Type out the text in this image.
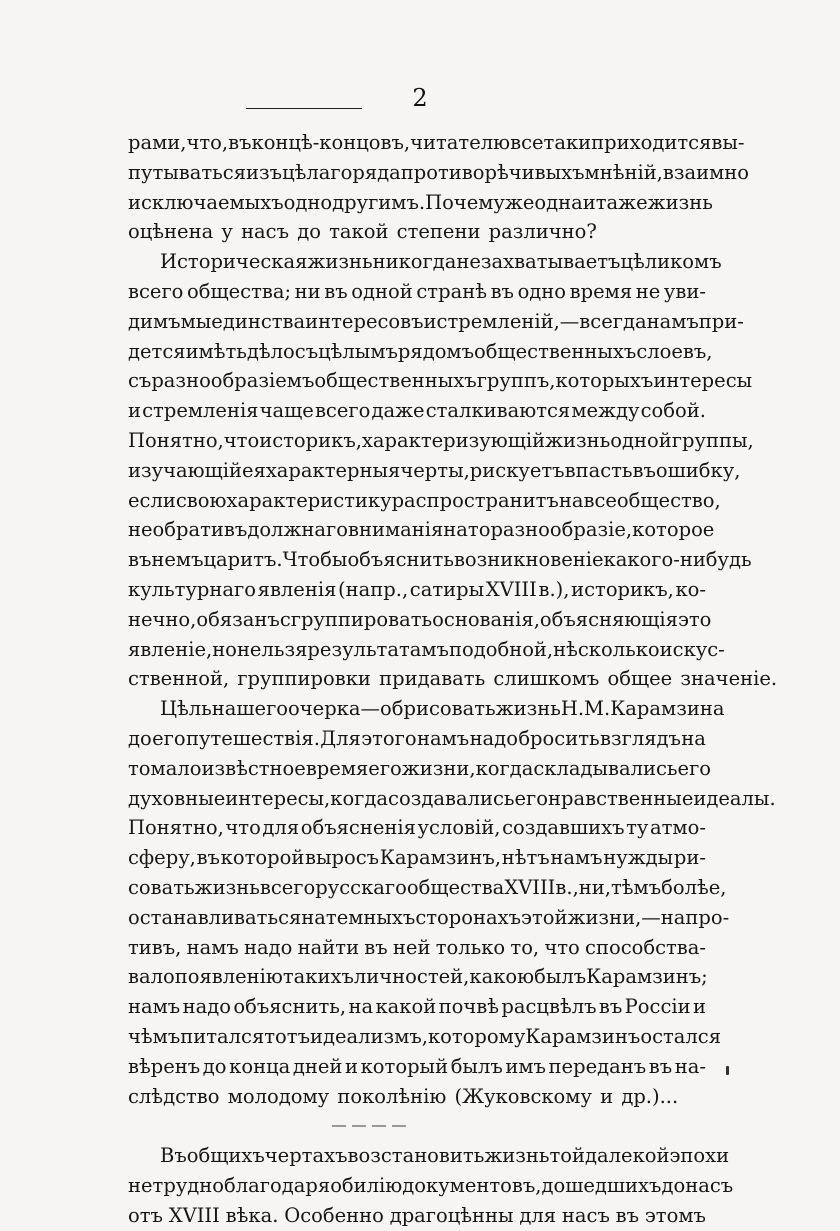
2
рами, что, въ концѣ-концовъ, читателю всетаки приходится вы-
путываться изъ цѣлаго ряда противорѣчивыхъ мнѣній, взаимно
исключаемыхъ одно другимъ. Почему же одна и та же жизнь
оцѣнена у насъ до такой степени различно?
Историческая жизнь никогда не захватываетъ цѣликомъ
всего общества; ни въ одной странѣ въ одно время не уви-
димъ мы единства интересовъ и стремленій,— всегда намъ при-
дется имѣть дѣло съ цѣлымъ рядомъ общественныхъ слоевъ,
съ разнообразіемъ общественныхъ группъ, которыхъ интересы
и стремленія чаще всего даже сталкиваются между собой.
Понятно, что историкъ, характеризующій жизнь одной группы,
изучающій ея характерныя черты, рискуетъ впасть въ ошибку,
если свою характеристику распространитъ на все общество,
не обративъ должнаго вниманія на то разнообразіе, которое
въ немъ царитъ. Чтобы объяснить возникновеніе какого-нибудь
культурнаго явленія (напр., сатиры XVIII в.), историкъ, ко-
нечно, обязанъ сгруппировать основанія, объясняющія это
явленіе, но нельзя результатамъ подобной, нѣсколько искус-
ственной, группировки придавать слишкомъ общее значеніе.
Цѣль нашего очерка—обрисовать жизнь Н. М. Карамзина
до его путешествія. Для этого намъ надо бросить взглядъ на
то малоизвѣстное время его жизни, когда складывались его
духовные интересы, когда создавались его нравственные идеалы.
Понятно, что для объясненія условій, создавшихъ ту атмо-
сферу, въ которой выросъ Карамзинъ, нѣтъ намъ нужды ри-
совать жизнь всего русскаго общества XVIII в., ни, тѣмъ болѣе,
останавливаться на темныхъ сторонахъ этой жизни,—напро-
тивъ, намъ надо найти въ ней только то, что способства-
вало появленію такихъ личностей, какою былъ Карамзинъ;
намъ надо объяснить, на какой почвѣ расцвѣлъ въ Россіи и
чѣмъ питался тотъ идеализмъ, которому Карамзинъ остался
вѣренъ до конца дней и который былъ имъ переданъ въ на-
слѣдство молодому поколѣнію (Жуковскому и др.)...
Въ общихъ чертахъ возстановить жизнь той далекой эпохи
не трудно благодаря обилію документовъ, дошедшихъ до насъ
отъ XVIII вѣка. Особенно драгоцѣнны для насъ въ этомъ
